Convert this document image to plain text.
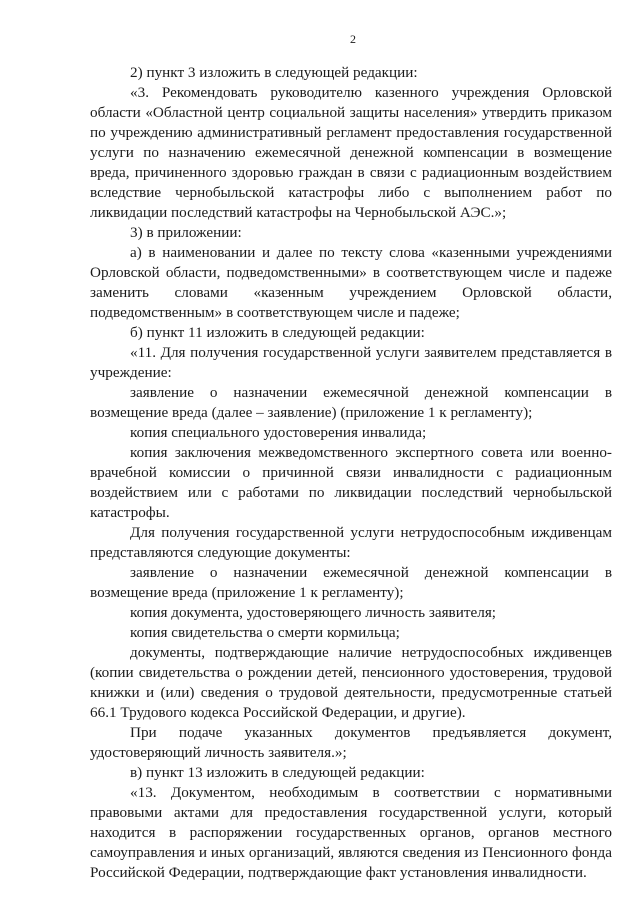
2

2) пункт 3 изложить в следующей редакции:

«3. Рекомендовать руководителю казенного учреждения Орловской области «Областной центр социальной защиты населения» утвердить приказом по учреждению административный регламент предоставления государственной услуги по назначению ежемесячной денежной компенсации в возмещение вреда, причиненного здоровью граждан в связи с радиационным воздействием вследствие чернобыльской катастрофы либо с выполнением работ по ликвидации последствий катастрофы на Чернобыльской АЭС.»;

3) в приложении:

а) в наименовании и далее по тексту слова «казенными учреждениями Орловской области, подведомственными» в соответствующем числе и падеже заменить словами «казенным учреждением Орловской области, подведомственным» в соответствующем числе и падеже;

б) пункт 11 изложить в следующей редакции:

«11. Для получения государственной услуги заявителем представляется в учреждение:

заявление о назначении ежемесячной денежной компенсации в возмещение вреда (далее – заявление) (приложение 1 к регламенту);

копия специального удостоверения инвалида;

копия заключения межведомственного экспертного совета или военно-врачебной комиссии о причинной связи инвалидности с радиационным воздействием или с работами по ликвидации последствий чернобыльской катастрофы.

Для получения государственной услуги нетрудоспособным иждивенцам представляются следующие документы:

заявление о назначении ежемесячной денежной компенсации в возмещение вреда (приложение 1 к регламенту);

копия документа, удостоверяющего личность заявителя;

копия свидетельства о смерти кормильца;

документы, подтверждающие наличие нетрудоспособных иждивенцев (копии свидетельства о рождении детей, пенсионного удостоверения, трудовой книжки и (или) сведения о трудовой деятельности, предусмотренные статьей 66.1 Трудового кодекса Российской Федерации, и другие).

При подаче указанных документов предъявляется документ, удостоверяющий личность заявителя.»;

в) пункт 13 изложить в следующей редакции:

«13. Документом, необходимым в соответствии с нормативными правовыми актами для предоставления государственной услуги, который находится в распоряжении государственных органов, органов местного самоуправления и иных организаций, являются сведения из Пенсионного фонда Российской Федерации, подтверждающие факт установления инвалидности.
